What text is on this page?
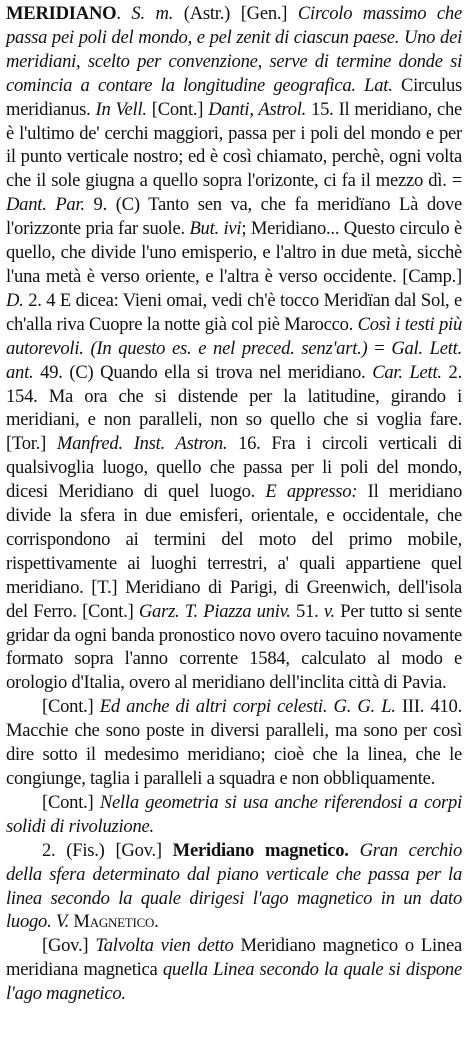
MERIDIANO. S. m. (Astr.) [Gen.] Circolo massimo che passa pei poli del mondo, e pel zenit di ciascun paese. Uno dei meridiani, scelto per convenzione, serve di termine donde si comincia a contare la longitudine geografica. Lat. Circulus meridianus. In Vell. [Cont.] Danti, Astrol. 15. Il meridiano, che è l'ultimo de' cerchi maggiori, passa per i poli del mondo e per il punto verticale nostro; ed è così chiamato, perchè, ogni volta che il sole giugna a quello sopra l'orizonte, ci fa il mezzo dì. = Dant. Par. 9. (C) Tanto sen va, che fa meridïano Là dove l'orizzonte pria far suole. But. ivi; Meridiano... Questo circulo è quello, che divide l'uno emisperio, e l'altro in due metà, sicchè l'una metà è verso oriente, e l'altra è verso occidente. [Camp.] D. 2. 4 E dicea: Vieni omai, vedi ch'è tocco Meridïan dal Sol, e ch'alla riva Cuopre la notte già col piè Marocco. Così i testi più autorevoli. (In questo es. e nel preced. senz'art.) = Gal. Lett. ant. 49. (C) Quando ella si trova nel meridiano. Car. Lett. 2. 154. Ma ora che si distende per la latitudine, girando i meridiani, e non paralleli, non so quello che si voglia fare. [Tor.] Manfred. Inst. Astron. 16. Fra i circoli verticali di qualsivoglia luogo, quello che passa per li poli del mondo, dicesi Meridiano di quel luogo. E appresso: Il meridiano divide la sfera in due emisferi, orientale, e occidentale, che corrispondono ai termini del moto del primo mobile, rispettivamente ai luoghi terrestri, a' quali appartiene quel meridiano. [T.] Meridiano di Parigi, di Greenwich, dell'isola del Ferro. [Cont.] Garz. T. Piazza univ. 51. v. Per tutto si sente gridar da ogni banda pronostico novo overo tacuino novamente formato sopra l'anno corrente 1584, calculato al modo e orologio d'Italia, overo al meridiano dell'inclita città di Pavia.

[Cont.] Ed anche di altri corpi celesti. G. G. L. III. 410. Macchie che sono poste in diversi paralleli, ma sono per così dire sotto il medesimo meridiano; cioè che la linea, che le congiunge, taglia i paralleli a squadra e non obbliquamente.

[Cont.] Nella geometria si usa anche riferendosi a corpi solidi di rivoluzione.

2. (Fis.) [Gov.] Meridiano magnetico. Gran cerchio della sfera determinato dal piano verticale che passa per la linea secondo la quale dirigesi l'ago magnetico in un dato luogo. V. Magnetico.

[Gov.] Talvolta vien detto Meridiano magnetico o Linea meridiana magnetica quella Linea secondo la quale si dispone l'ago magnetico.
